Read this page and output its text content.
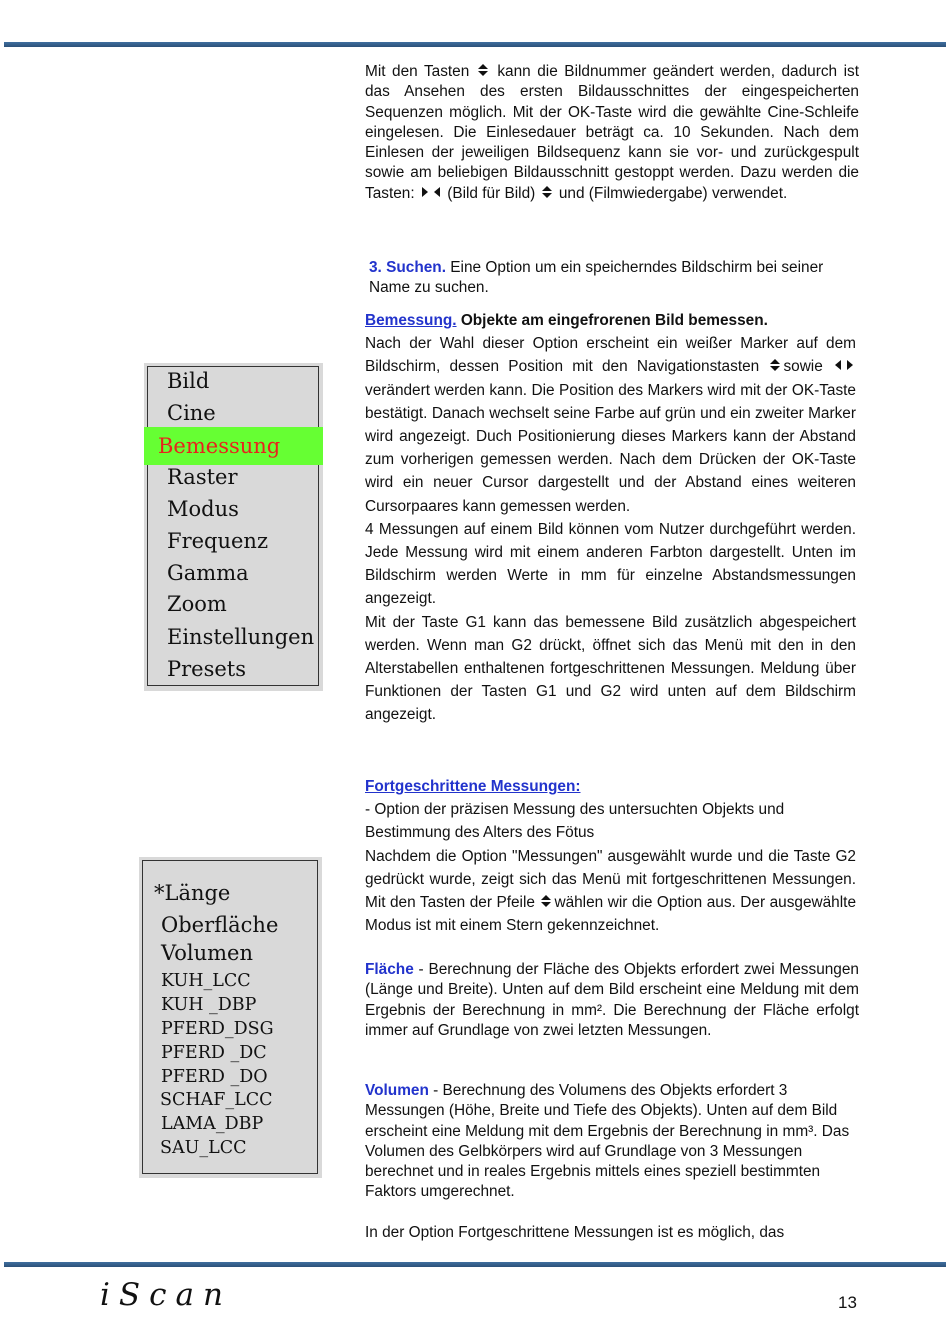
Mit den Tasten kann die Bildnummer geändert werden, dadurch ist das Ansehen des ersten Bildausschnittes der eingespeicherten Sequenzen möglich. Mit der OK-Taste wird die gewählte Cine-Schleife eingelesen. Die Einlesedauer beträgt ca. 10 Sekunden. Nach dem Einlesen der jeweiligen Bildsequenz kann sie vor- und zurückgespult sowie am beliebigen Bildausschnitt gestoppt werden. Dazu werden die Tasten: (Bild für Bild) und (Filmwiedergabe) verwendet.

3. Suchen. Eine Option um ein speicherndes Bildschirm bei seiner Name zu suchen.

Bemessung. Objekte am eingefrorenen Bild bemessen.

Nach der Wahl dieser Option erscheint ein weißer Marker auf dem Bildschirm, dessen Position mit den Navigationstasten sowie  verändert werden kann. Die Position des Markers wird mit der OK-Taste bestätigt. Danach wechselt seine Farbe auf grün und ein zweiter Marker wird angezeigt. Duch Positionierung dieses Markers kann der Abstand zum vorherigen gemessen werden. Nach dem Drücken der OK-Taste wird ein neuer Cursor dargestellt und der Abstand eines weiteren Cursorpaares kann gemessen werden.

4 Messungen auf einem Bild können vom Nutzer durchgeführt werden. Jede Messung wird mit einem anderen Farbton dargestellt. Unten im Bildschirm werden Werte in mm für einzelne Abstandsmessungen angezeigt.

Mit der Taste G1 kann das bemessene Bild zusätzlich abgespeichert werden. Wenn man G2 drückt, öffnet sich das Menü mit den in den Alterstabellen enthaltenen fortgeschrittenen Messungen. Meldung über Funktionen der Tasten G1 und G2 wird unten auf dem Bildschirm angezeigt.

Fortgeschrittene Messungen:

- Option der präzisen Messung des untersuchten Objekts und Bestimmung des Alters des Fötus

Nachdem die Option "Messungen" ausgewählt wurde und die Taste G2 gedrückt wurde, zeigt sich das Menü mit fortgeschrittenen Messungen. Mit den Tasten der Pfeile wählen wir die Option aus. Der ausgewählte Modus ist mit einem Stern gekennzeichnet.

Fläche - Berechnung der Fläche des Objekts erfordert zwei Messungen (Länge und Breite). Unten auf dem Bild erscheint eine Meldung mit dem Ergebnis der Berechnung in mm². Die Berechnung der Fläche erfolgt immer auf Grundlage von zwei letzten Messungen.

Volumen - Berechnung des Volumens des Objekts erfordert 3 Messungen (Höhe, Breite und Tiefe des Objekts). Unten auf dem Bild erscheint eine Meldung mit dem Ergebnis der Berechnung in mm³. Das Volumen des Gelbkörpers wird auf Grundlage von 3 Messungen berechnet und in reales Ergebnis mittels eines speziell bestimmten Faktors umgerechnet.

In der Option Fortgeschrittene Messungen ist es möglich, das

Bild
Cine
Bemessung
Raster
Modus
Frequenz
Gamma
Zoom
Einstellungen
Presets
*Länge
Oberfläche
Volumen
KUH_LCC
KUH _DBP
PFERD_DSG
PFERD _DC
PFERD _DO
SCHAF_LCC
LAMA_DBP
SAU_LCC
iScan	13
